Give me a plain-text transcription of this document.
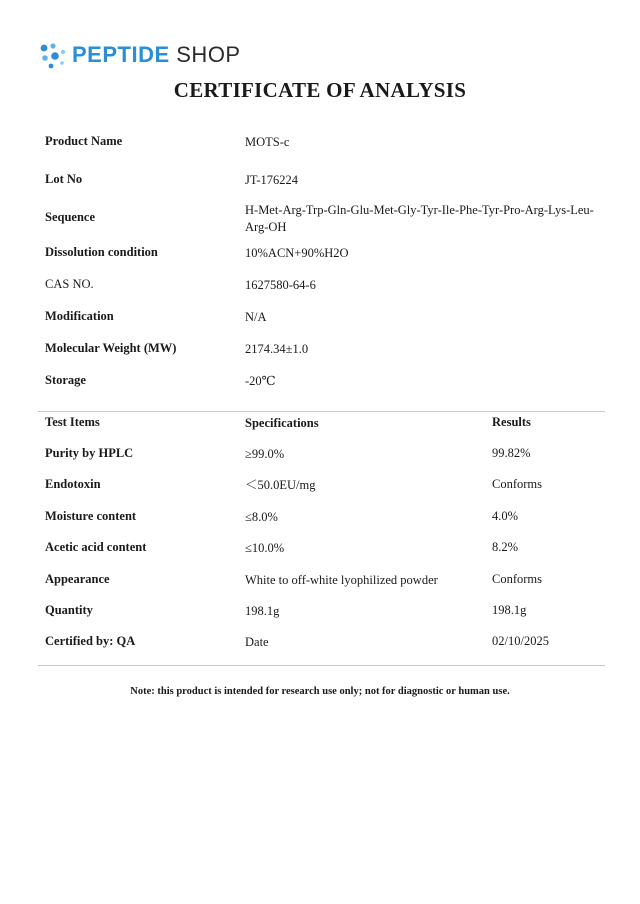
PEPTIDE SHOP
CERTIFICATE OF ANALYSIS
Product Name	MOTS-c
Lot No	JT-176224
Sequence	H-Met-Arg-Trp-Gln-Glu-Met-Gly-Tyr-Ile-Phe-Tyr-Pro-Arg-Lys-Leu-Arg-OH
Dissolution condition	10%ACN+90%H2O
CAS NO.	1627580-64-6
Modification	N/A
Molecular Weight (MW)	2174.34±1.0
Storage	-20℃
Test Items	Specifications	Results
Purity by HPLC	≥99.0%	99.82%
Endotoxin	＜50.0EU/mg	Conforms
Moisture content	≤8.0%	4.0%
Acetic acid content	≤10.0%	8.2%
Appearance	White to off-white lyophilized powder	Conforms
Quantity	198.1g	198.1g
Certified by: QA	Date	02/10/2025
Note: this product is intended for research use only; not for diagnostic or human use.
